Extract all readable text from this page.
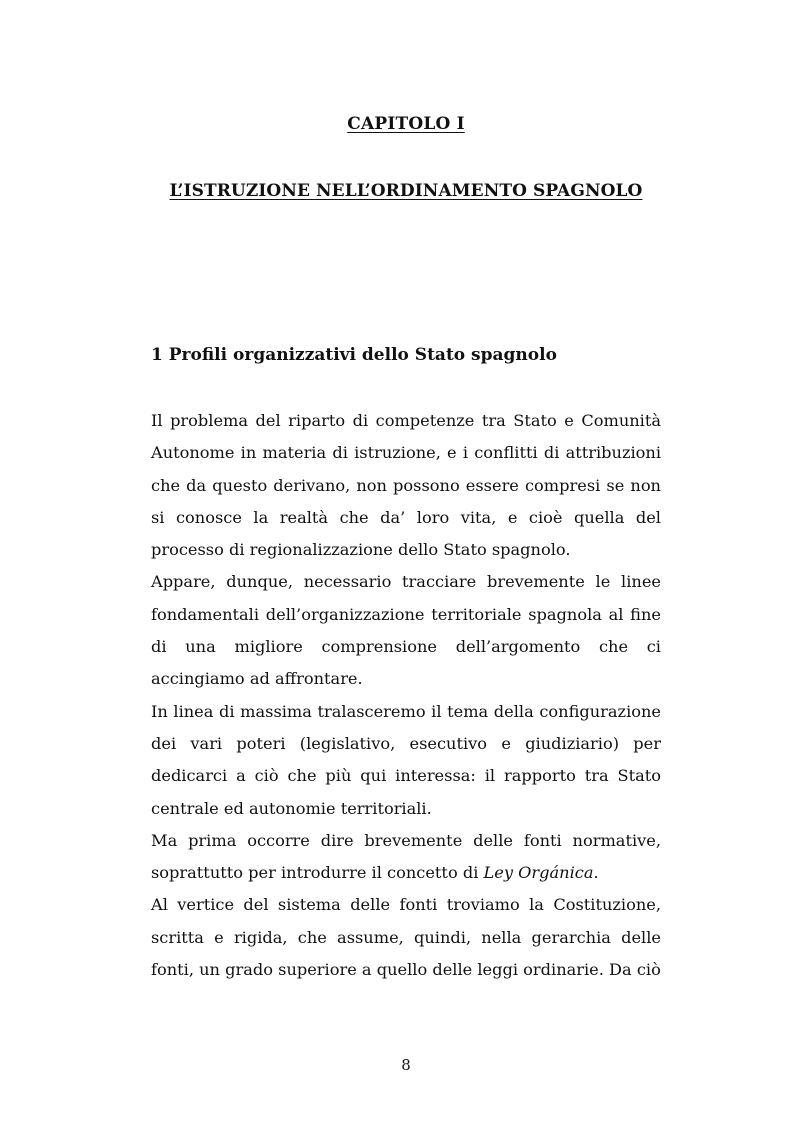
CAPITOLO I
L’ISTRUZIONE NELL’ORDINAMENTO SPAGNOLO
1 Profili organizzativi dello Stato spagnolo

Il problema del riparto di competenze tra Stato e Comunità Autonome in materia di istruzione, e i conflitti di attribuzioni che da questo derivano, non possono essere compresi se non si conosce la realtà che da’ loro vita, e cioè quella del processo di regionalizzazione dello Stato spagnolo.

Appare, dunque, necessario tracciare brevemente le linee fondamentali dell’organizzazione territoriale spagnola al fine di una migliore comprensione dell’argomento che ci accingiamo ad affrontare.

In linea di massima tralasceremo il tema della configurazione dei vari poteri (legislativo, esecutivo e giudiziario) per dedicarci a ciò che più qui interessa: il rapporto tra Stato centrale ed autonomie territoriali.

Ma prima occorre dire brevemente delle fonti normative, soprattutto per introdurre il concetto di Ley Orgánica.

Al vertice del sistema delle fonti troviamo la Costituzione, scritta e rigida, che assume, quindi, nella gerarchia delle fonti, un grado superiore a quello delle leggi ordinarie. Da ciò

8
